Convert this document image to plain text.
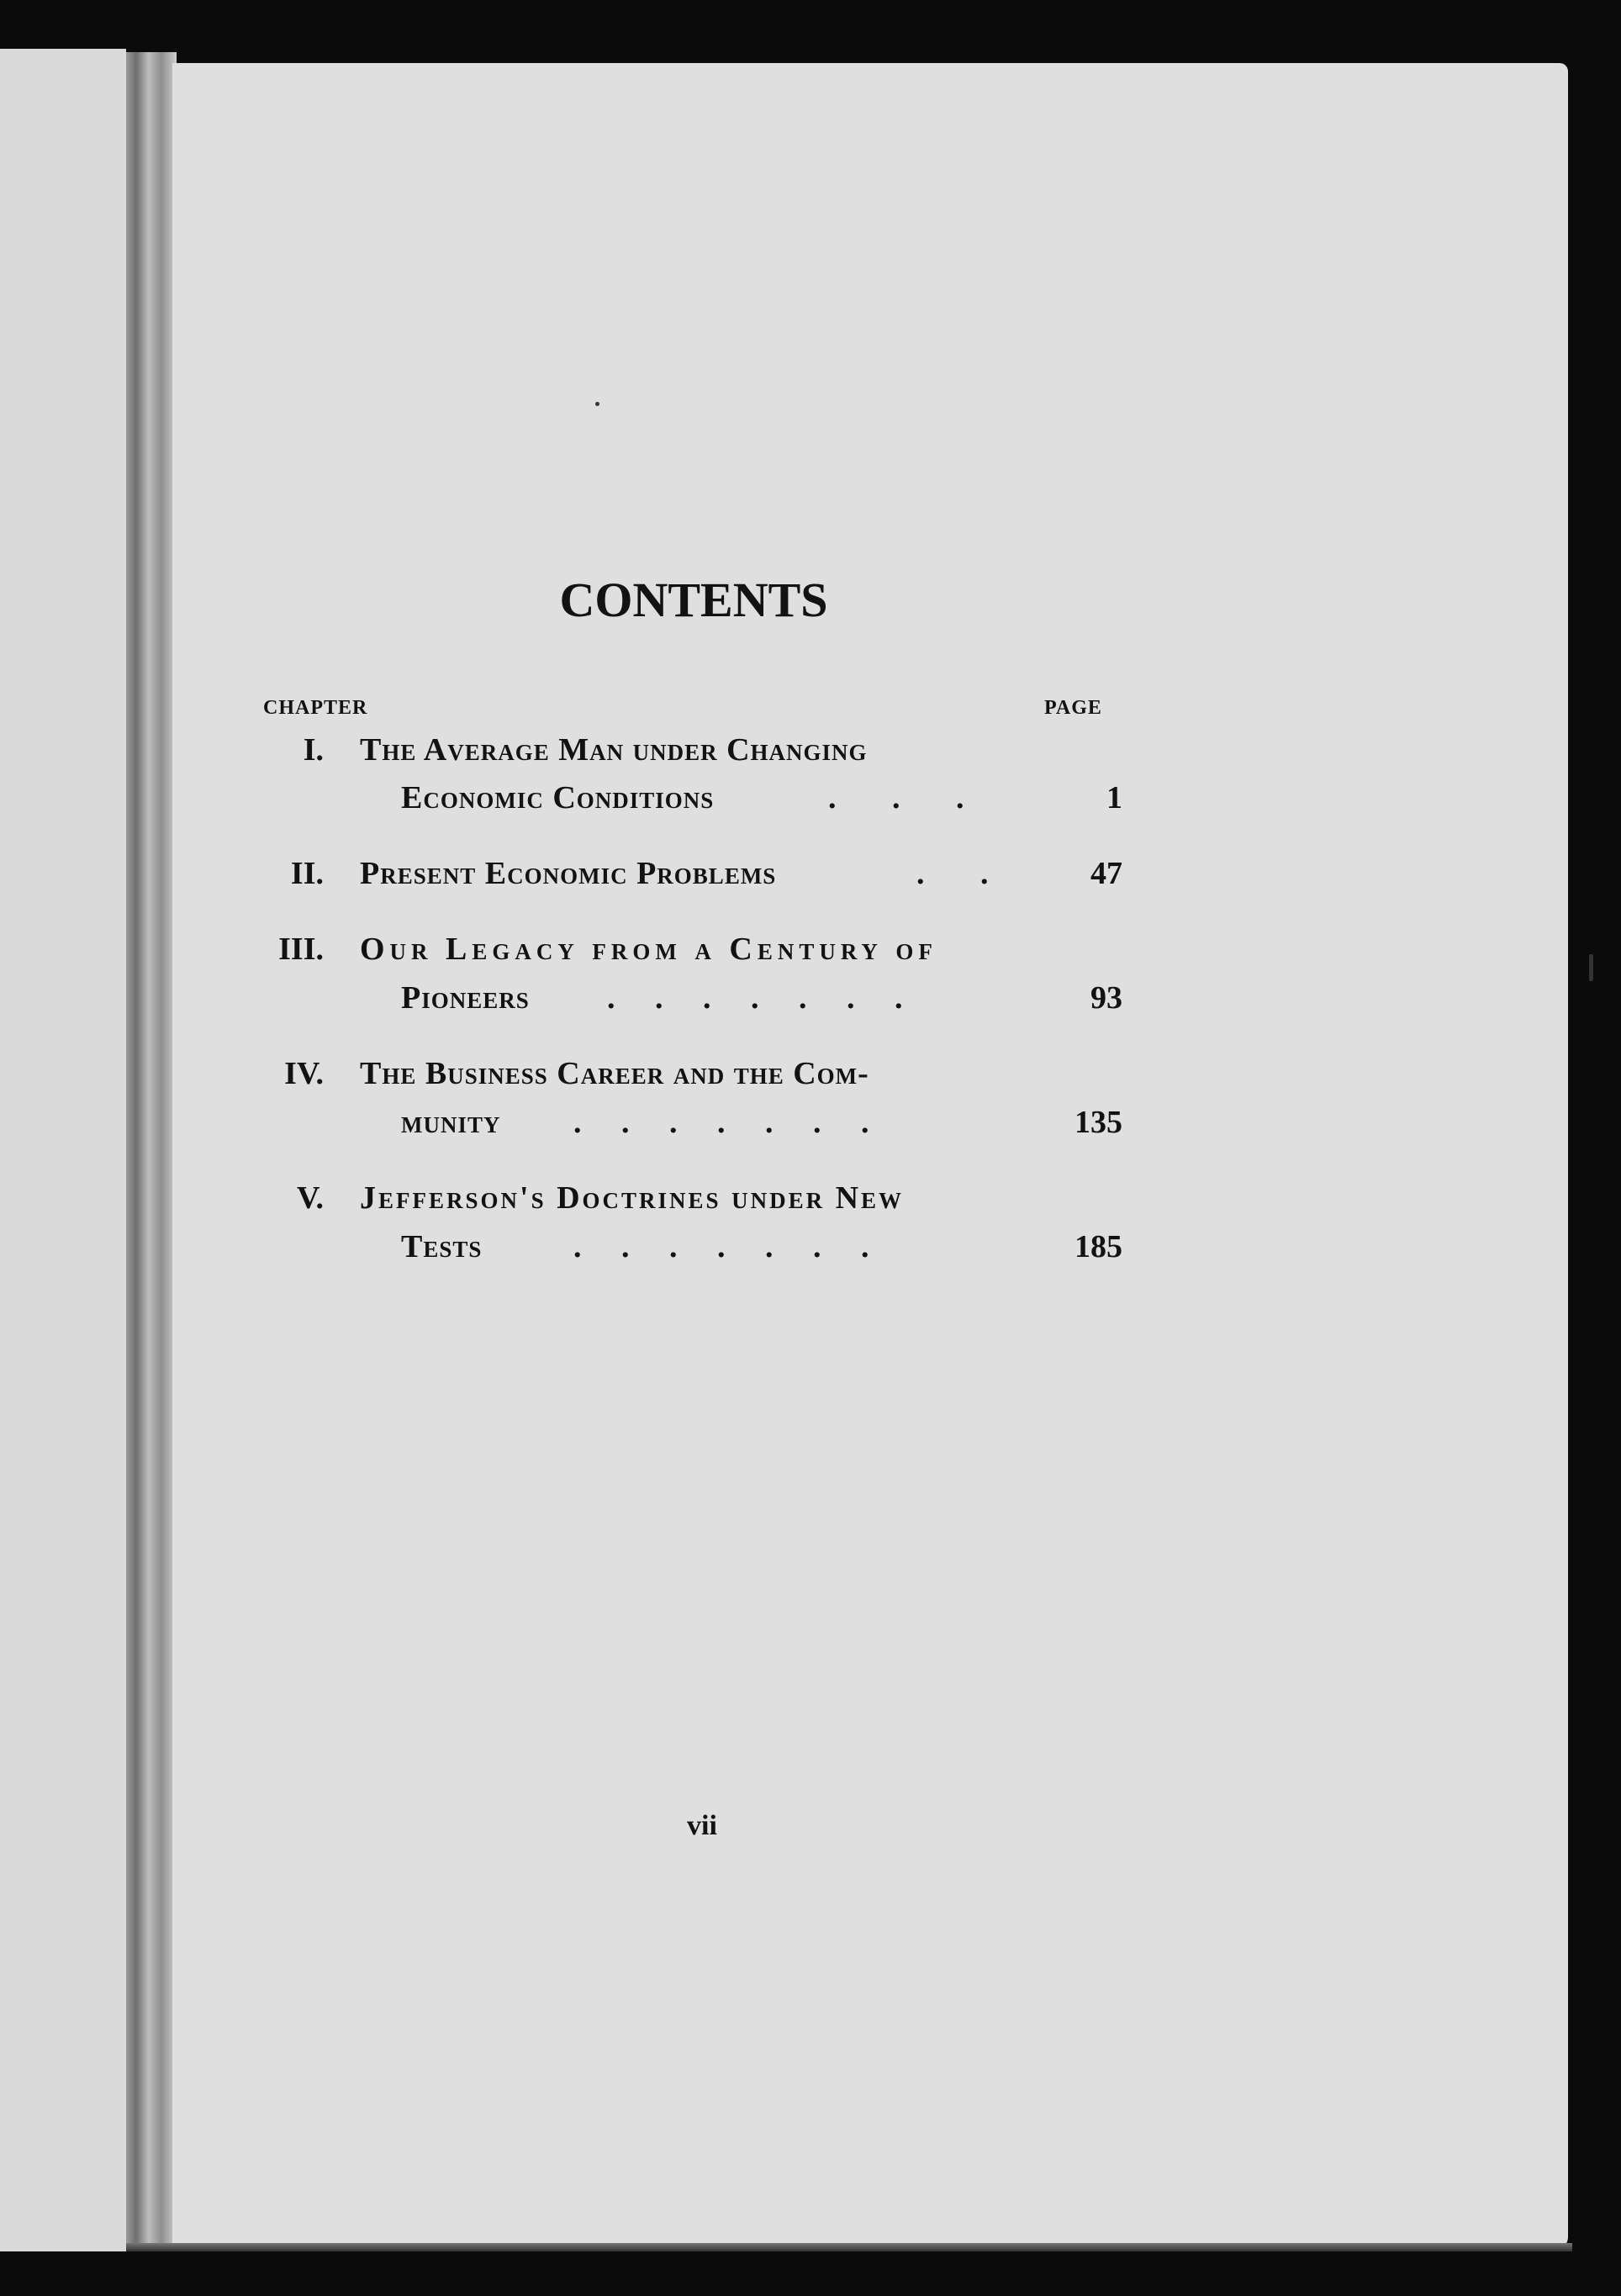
CONTENTS
CHAPTER	PAGE
I. The Average Man under Changing
Economic Conditions	.       .       .	1
II. Present Economic Problems	.       .	47
III. Our Legacy from a Century of
Pioneers .     .     .     .     .     .     .	93
IV. The Business Career and the Com-
munity .     .     .     .     .     .     .	135
V. Jefferson's Doctrines under New
Tests	.     .     .     .     .     .     .	185
vii
